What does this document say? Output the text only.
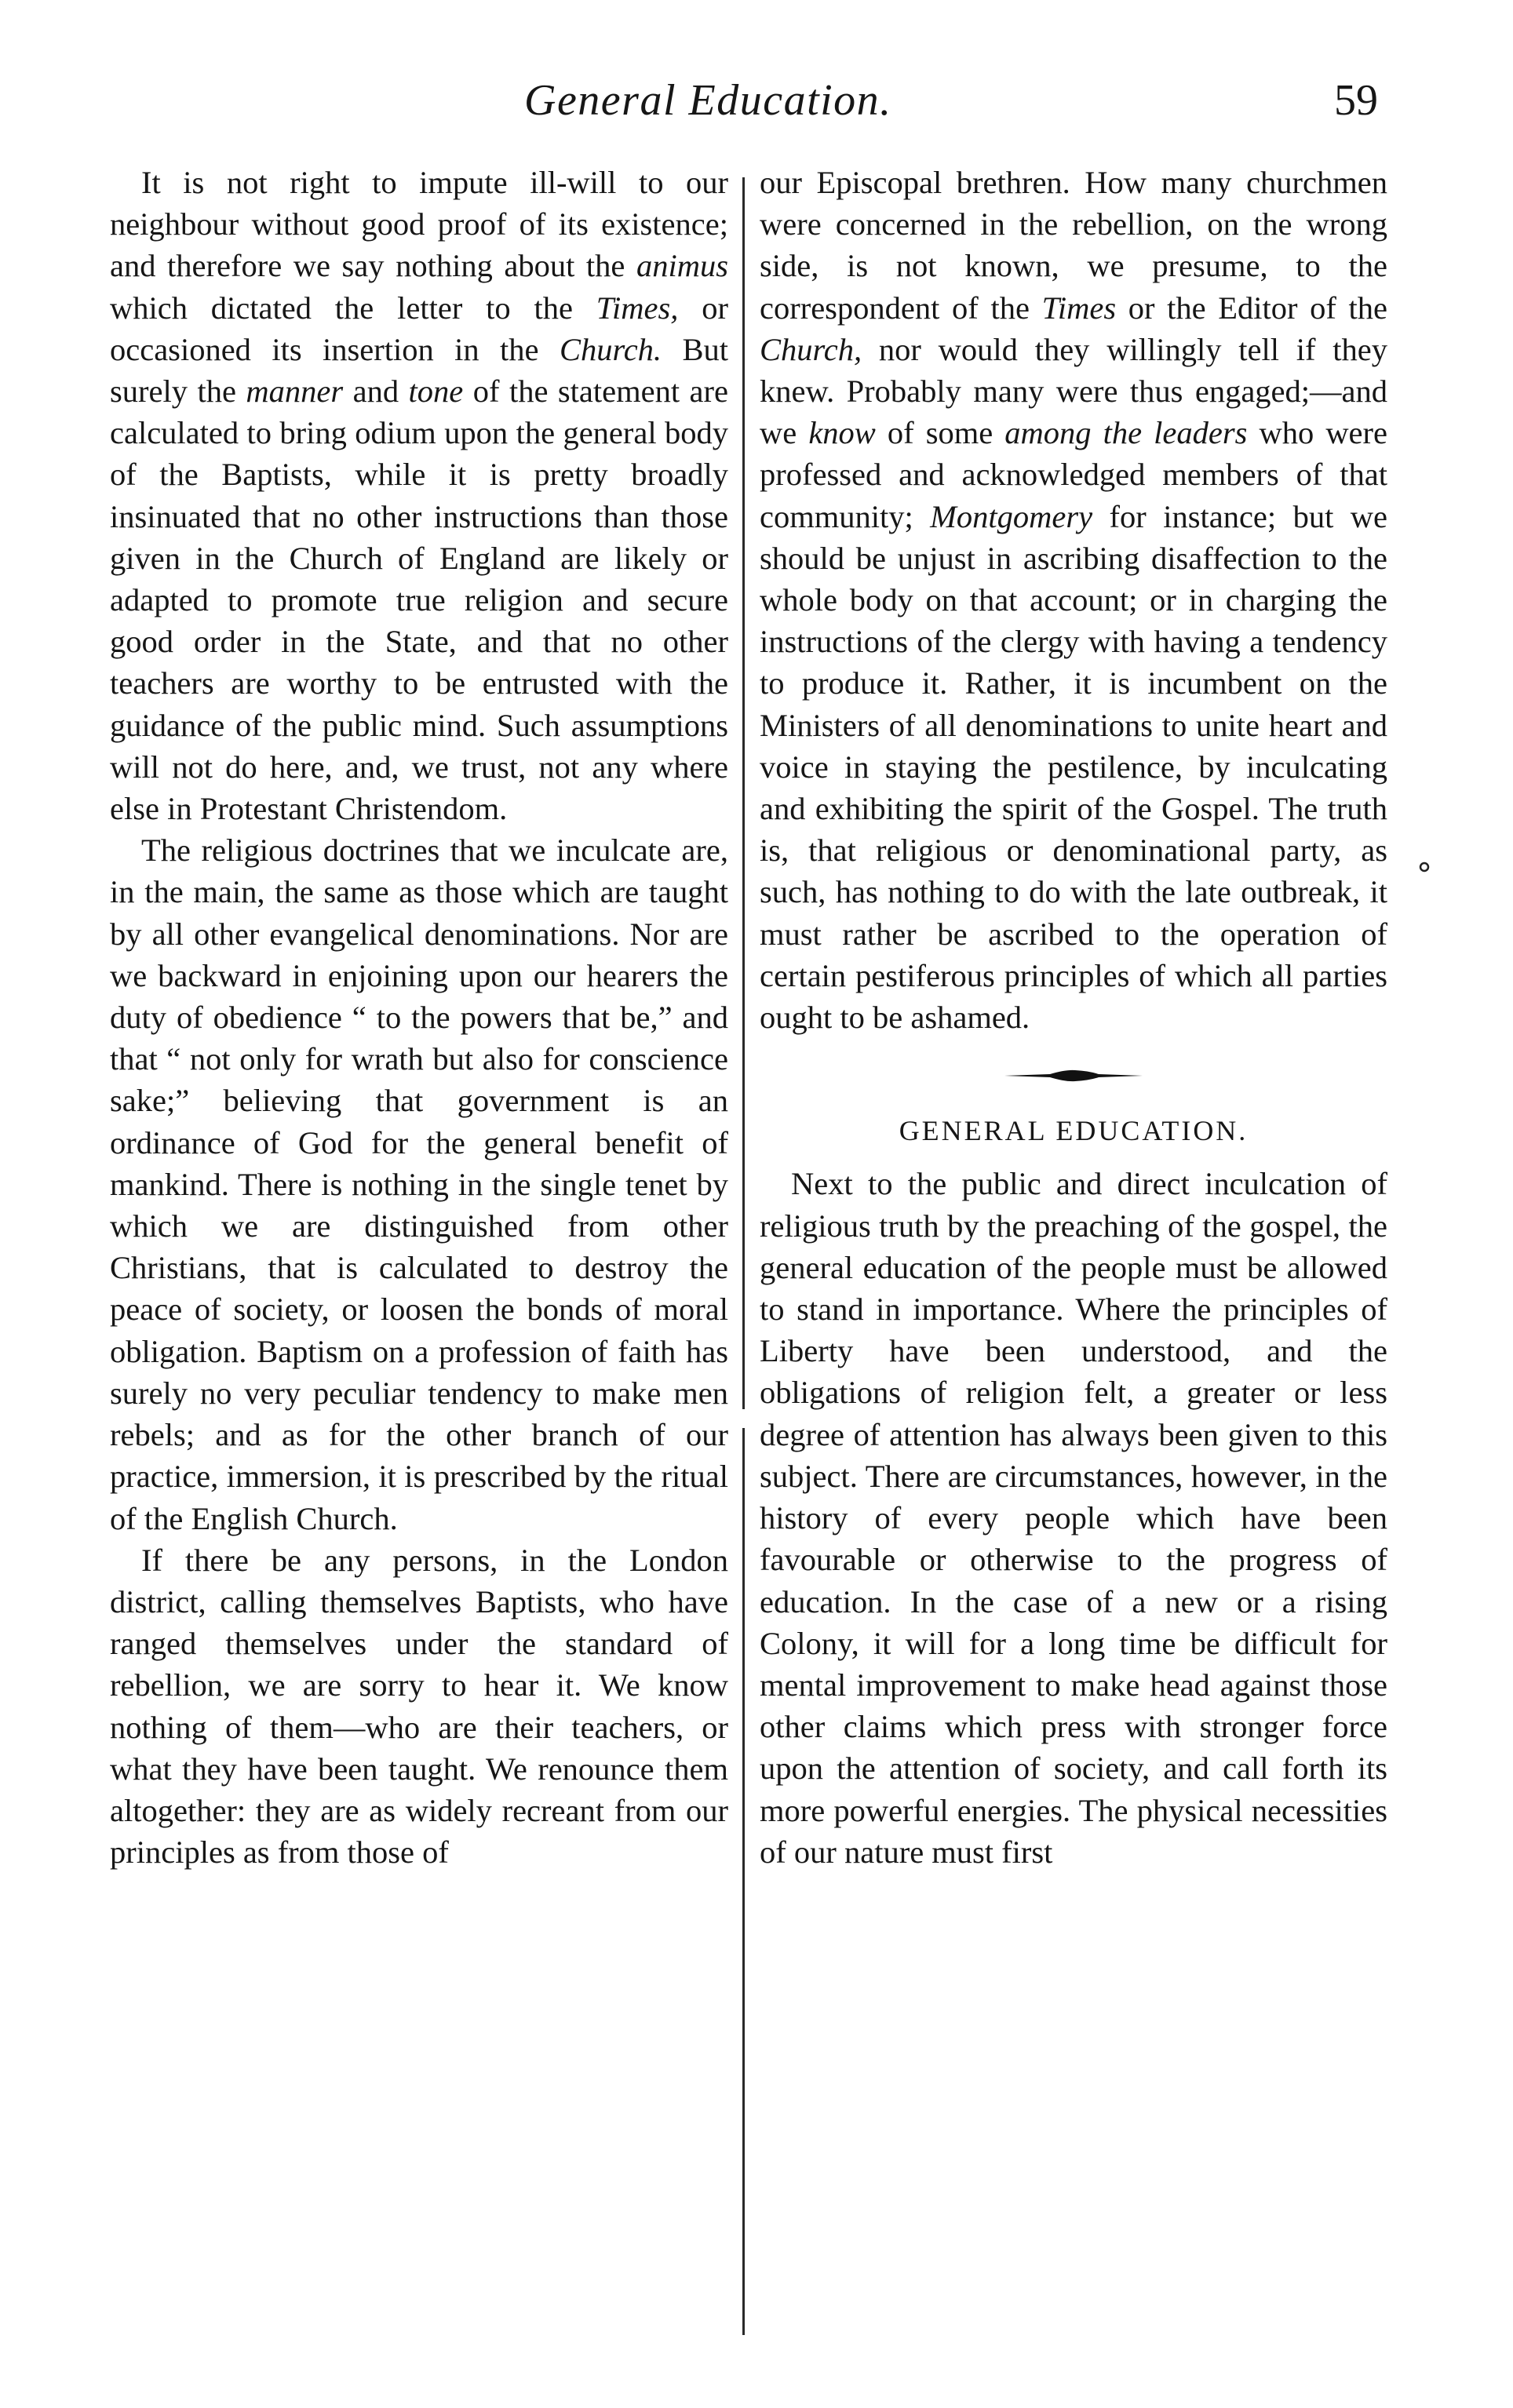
General Education.	59

It is not right to impute ill-will to our neighbour without good proof of its existence; and therefore we say nothing about the animus which dictated the letter to the Times, or occasioned its insertion in the Church. But surely the manner and tone of the statement are calculated to bring odium upon the general body of the Baptists, while it is pretty broadly insinuated that no other instructions than those given in the Church of England are likely or adapted to promote true religion and secure good order in the State, and that no other teachers are worthy to be entrusted with the guidance of the public mind. Such assumptions will not do here, and, we trust, not any where else in Protestant Christendom.

The religious doctrines that we inculcate are, in the main, the same as those which are taught by all other evangelical denominations. Nor are we backward in enjoining upon our hearers the duty of obedience “ to the powers that be,” and that “ not only for wrath but also for conscience sake;” believing that government is an ordinance of God for the general benefit of mankind. There is nothing in the single tenet by which we are distinguished from other Christians, that is calculated to destroy the peace of society, or loosen the bonds of moral obligation. Baptism on a profession of faith has surely no very peculiar tendency to make men rebels; and as for the other branch of our practice, immersion, it is prescribed by the ritual of the English Church.

If there be any persons, in the London district, calling themselves Baptists, who have ranged themselves under the standard of rebellion, we are sorry to hear it. We know nothing of them—who are their teachers, or what they have been taught. We renounce them altogether: they are as widely recreant from our principles as from those of

our Episcopal brethren. How many churchmen were concerned in the rebellion, on the wrong side, is not known, we presume, to the correspondent of the Times or the Editor of the Church, nor would they willingly tell if they knew. Probably many were thus engaged;—and we know of some among the leaders who were professed and acknowledged members of that community; Montgomery for instance; but we should be unjust in ascribing disaffection to the whole body on that account; or in charging the instructions of the clergy with having a tendency to produce it. Rather, it is incumbent on the Ministers of all denominations to unite heart and voice in staying the pestilence, by inculcating and exhibiting the spirit of the Gospel. The truth is, that religious or denominational party, as such, has nothing to do with the late outbreak, it must rather be ascribed to the operation of certain pestiferous principles of which all parties ought to be ashamed.

GENERAL EDUCATION.

Next to the public and direct inculcation of religious truth by the preaching of the gospel, the general education of the people must be allowed to stand in importance. Where the principles of Liberty have been understood, and the obligations of religion felt, a greater or less degree of attention has always been given to this subject. There are circumstances, however, in the history of every people which have been favourable or otherwise to the progress of education. In the case of a new or a rising Colony, it will for a long time be difficult for mental improvement to make head against those other claims which press with stronger force upon the attention of society, and call forth its more powerful energies. The physical necessities of our nature must first
